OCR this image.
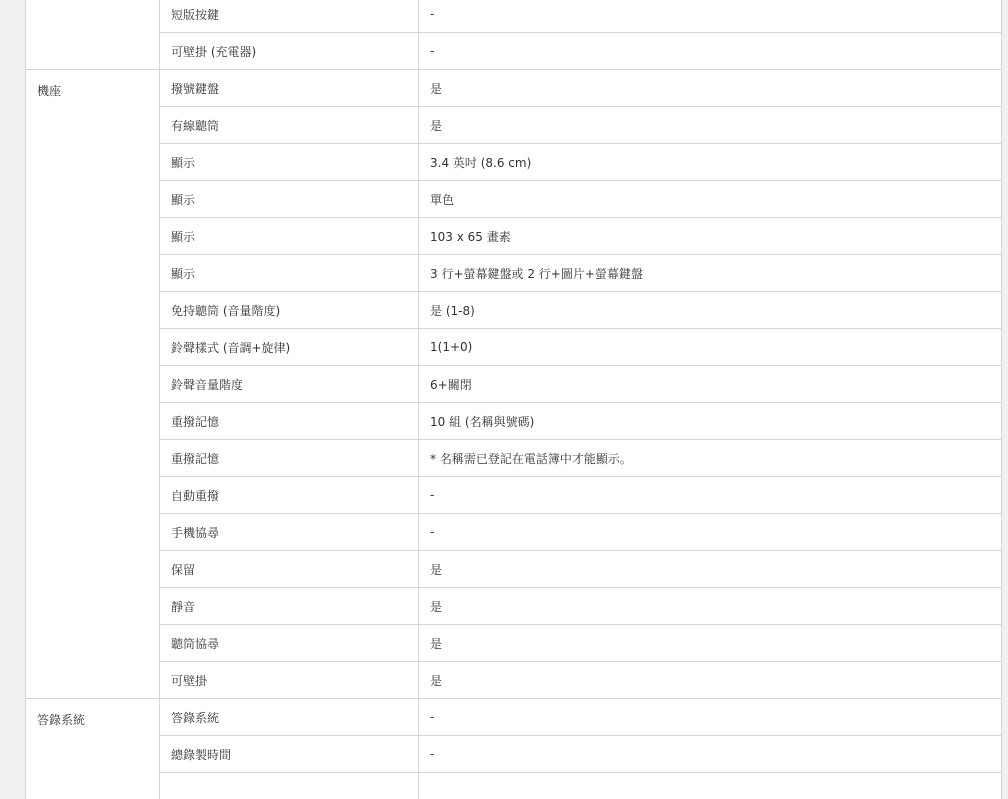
	短版按鍵	-
	可壁掛 (充電器)	-
機座	撥號鍵盤	是
	有線聽筒	是
	顯示	3.4 英吋 (8.6 cm)
	顯示	單色
	顯示	103 x 65 畫素
	顯示	3 行+螢幕鍵盤或 2 行+圖片+螢幕鍵盤
	免持聽筒 (音量階度)	是 (1-8)
	鈴聲樣式 (音調+旋律)	1(1+0)
	鈴聲音量階度	6+關閉
	重撥記憶	10 組 (名稱與號碼)
	重撥記憶	* 名稱需已登記在電話簿中才能顯示。
	自動重撥	-
	手機協尋	-
	保留	是
	靜音	是
	聽筒協尋	是
	可壁掛	是
答錄系統	答錄系統	-
	總錄製時間	-
